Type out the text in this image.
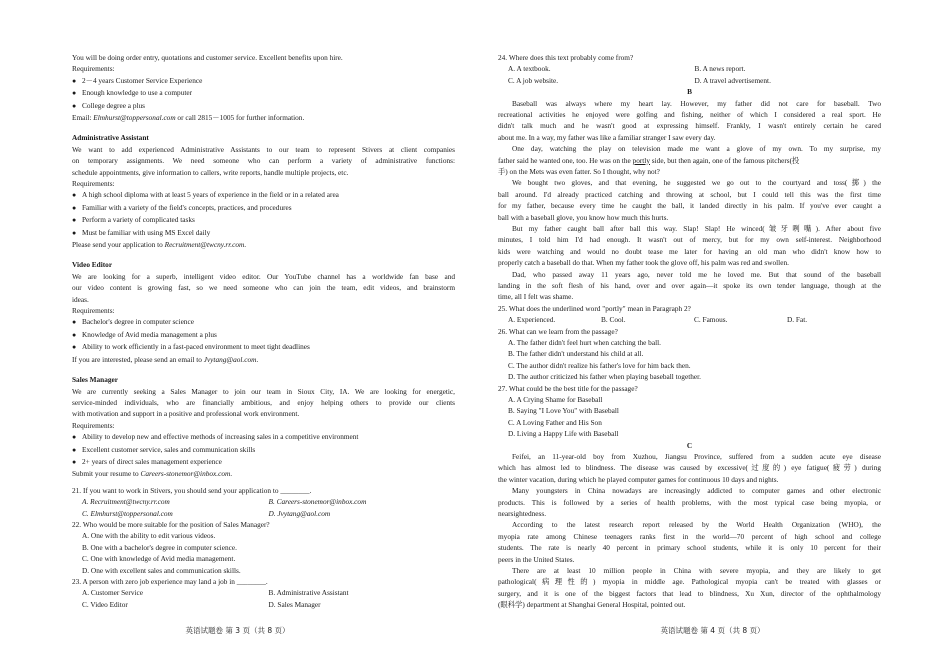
You will be doing order entry, quotations and customer service. Excellent benefits upon hire.
Requirements:
● 2－4 years Customer Service Experience
● Enough knowledge to use a computer
● College degree a plus
Email: Elmhurst@toppersonal.com or call 2815－1005 for further information.
Administrative Assistant
We want to add experienced Administrative Assistants to our team to represent Stivers at client companies
on temporary assignments. We need someone who can perform a variety of administrative functions:
schedule appointments, give information to callers, write reports, handle multiple projects, etc.
Requirements:
● A high school diploma with at least 5 years of experience in the field or in a related area
● Familiar with a variety of the field's concepts, practices, and procedures
● Perform a variety of complicated tasks
● Must be familiar with using MS Excel daily
Please send your application to Recruitment@twcny.rr.com.
Video Editor
We are looking for a superb, intelligent video editor. Our YouTube channel has a worldwide fan base and
our video content is growing fast, so we need someone who can join the team, edit videos, and brainstorm
ideas.
Requirements:
● Bachelor's degree in computer science
● Knowledge of Avid media management a plus
● Ability to work efficiently in a fast-paced environment to meet tight deadlines
If you are interested, please send an email to Jvytang@aol.com.
Sales Manager
We are currently seeking a Sales Manager to join our team in Sioux City, IA. We are looking for energetic,
service-minded individuals, who are financially ambitious, and enjoy helping others to provide our clients
with motivation and support in a positive and professional work environment.
Requirements:
● Ability to develop new and effective methods of increasing sales in a competitive environment
● Excellent customer service, sales and communication skills
● 2+ years of direct sales management experience
Submit your resume to Careers-stonemor@inbox.com.
21. If you want to work in Stivers, you should send your application to ________.
A. Recruitment@twcny.rr.com	B. Careers-stonemor@inbox.com
C. Elmhurst@toppersonal.com	D. Jvytang@aol.com
22. Who would be more suitable for the position of Sales Manager?
A. One with the ability to edit various videos.
B. One with a bachelor's degree in computer science.
C. One with knowledge of Avid media management.
D. One with excellent sales and communication skills.
23. A person with zero job experience may land a job in ________.
A. Customer Service	B. Administrative Assistant
C. Video Editor	D. Sales Manager
英语试题卷 第 3 页（共 8 页）
24. Where does this text probably come from?
A. A textbook.	B. A news report.
C. A job website.	D. A travel advertisement.
B
Baseball was always where my heart lay. However, my father did not care for baseball. Two
recreational activities he enjoyed were golfing and fishing, neither of which I considered a real sport. He
didn't talk much and he wasn't good at expressing himself. Frankly, I wasn't entirely certain he cared
about me. In a way, my father was like a familiar stranger I saw every day.
One day, watching the play on television made me want a glove of my own. To my surprise, my
father said he wanted one, too. He was on the portly side, but then again, one of the famous pitchers(投
手) on the Mets was even fatter. So I thought, why not?
We bought two gloves, and that evening, he suggested we go out to the courtyard and toss(掷) the
ball around. I'd already practiced catching and throwing at school, but I could tell this was the first time
for my father, because every time he caught the ball, it landed directly in his palm. If you've ever caught a
ball with a baseball glove, you know how much this hurts.
But my father caught ball after ball this way. Slap! Slap! He winced(皱牙咧嘴). After about five
minutes, I told him I'd had enough. It wasn't out of mercy, but for my own self-interest. Neighborhood
kids were watching and would no doubt tease me later for having an old man who didn't know how to
properly catch a baseball do that. When my father took the glove off, his palm was red and swollen.
Dad, who passed away 11 years ago, never told me he loved me. But that sound of the baseball
landing in the soft flesh of his hand, over and over again—it spoke its own tender language, though at the
time, all I felt was shame.
25. What does the underlined word "portly" mean in Paragraph 2?
A. Experienced.	B. Cool.	C. Famous.	D. Fat.
26. What can we learn from the passage?
A. The father didn't feel hurt when catching the ball.
B. The father didn't understand his child at all.
C. The author didn't realize his father's love for him back then.
D. The author criticized his father when playing baseball together.
27. What could be the best title for the passage?
A. A Crying Shame for Baseball
B. Saying "I Love You" with Baseball
C. A Loving Father and His Son
D. Living a Happy Life with Baseball
C
Feifei, an 11-year-old boy from Xuzhou, Jiangsu Province, suffered from a sudden acute eye disease
which has almost led to blindness. The disease was caused by excessive(过度的) eye fatigue(疲劳) during
the winter vacation, during which he played computer games for continuous 10 days and nights.
Many youngsters in China nowadays are increasingly addicted to computer games and other electronic
products. This is followed by a series of health problems, with the most typical case being myopia, or
nearsightedness.
According to the latest research report released by the World Health Organization (WHO), the
myopia rate among Chinese teenagers ranks first in the world—70 percent of high school and college
students. The rate is nearly 40 percent in primary school students, while it is only 10 percent for their
peers in the United States.
There are at least 10 million people in China with severe myopia, and they are likely to get
pathological(病理性的) myopia in middle age. Pathological myopia can't be treated with glasses or
surgery, and it is one of the biggest factors that lead to blindness, Xu Xun, director of the ophthalmology
(眼科学) department at Shanghai General Hospital, pointed out.
英语试题卷 第 4 页（共 8 页）
